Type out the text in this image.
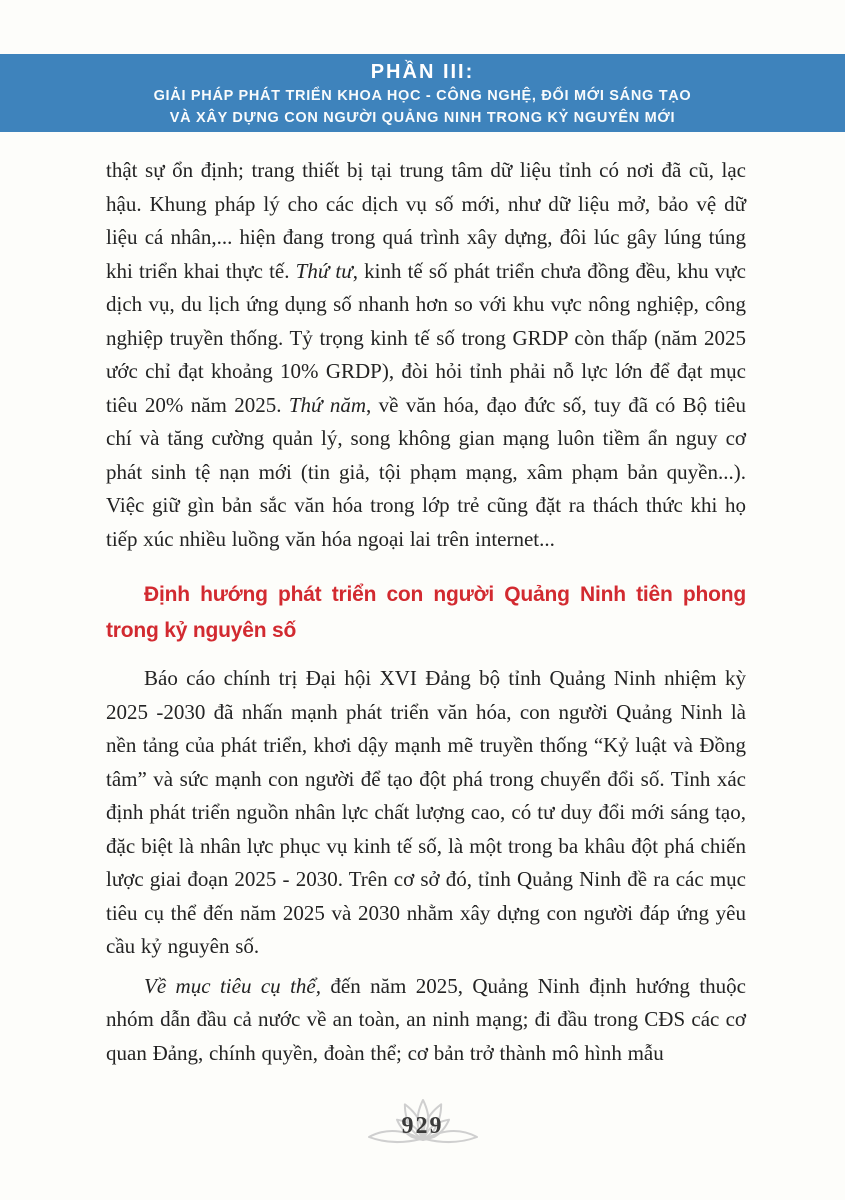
PHẦN III:
GIẢI PHÁP PHÁT TRIỂN KHOA HỌC - CÔNG NGHỆ, ĐỔI MỚI SÁNG TẠO
VÀ XÂY DỰNG CON NGƯỜI QUẢNG NINH TRONG KỶ NGUYÊN MỚI

thật sự ổn định; trang thiết bị tại trung tâm dữ liệu tỉnh có nơi đã cũ, lạc hậu. Khung pháp lý cho các dịch vụ số mới, như dữ liệu mở, bảo vệ dữ liệu cá nhân,... hiện đang trong quá trình xây dựng, đôi lúc gây lúng túng khi triển khai thực tế. Thứ tư, kinh tế số phát triển chưa đồng đều, khu vực dịch vụ, du lịch ứng dụng số nhanh hơn so với khu vực nông nghiệp, công nghiệp truyền thống. Tỷ trọng kinh tế số trong GRDP còn thấp (năm 2025 ước chỉ đạt khoảng 10% GRDP), đòi hỏi tỉnh phải nỗ lực lớn để đạt mục tiêu 20% năm 2025. Thứ năm, về văn hóa, đạo đức số, tuy đã có Bộ tiêu chí và tăng cường quản lý, song không gian mạng luôn tiềm ẩn nguy cơ phát sinh tệ nạn mới (tin giả, tội phạm mạng, xâm phạm bản quyền...). Việc giữ gìn bản sắc văn hóa trong lớp trẻ cũng đặt ra thách thức khi họ tiếp xúc nhiều luồng văn hóa ngoại lai trên internet...

Định hướng phát triển con người Quảng Ninh tiên phong trong kỷ nguyên số

Báo cáo chính trị Đại hội XVI Đảng bộ tỉnh Quảng Ninh nhiệm kỳ 2025 -2030 đã nhấn mạnh phát triển văn hóa, con người Quảng Ninh là nền tảng của phát triển, khơi dậy mạnh mẽ truyền thống “Kỷ luật và Đồng tâm” và sức mạnh con người để tạo đột phá trong chuyển đổi số. Tỉnh xác định phát triển nguồn nhân lực chất lượng cao, có tư duy đổi mới sáng tạo, đặc biệt là nhân lực phục vụ kinh tế số, là một trong ba khâu đột phá chiến lược giai đoạn 2025 - 2030. Trên cơ sở đó, tỉnh Quảng Ninh đề ra các mục tiêu cụ thể đến năm 2025 và 2030 nhằm xây dựng con người đáp ứng yêu cầu kỷ nguyên số.

Về mục tiêu cụ thể, đến năm 2025, Quảng Ninh định hướng thuộc nhóm dẫn đầu cả nước về an toàn, an ninh mạng; đi đầu trong CĐS các cơ quan Đảng, chính quyền, đoàn thể; cơ bản trở thành mô hình mẫu

929
